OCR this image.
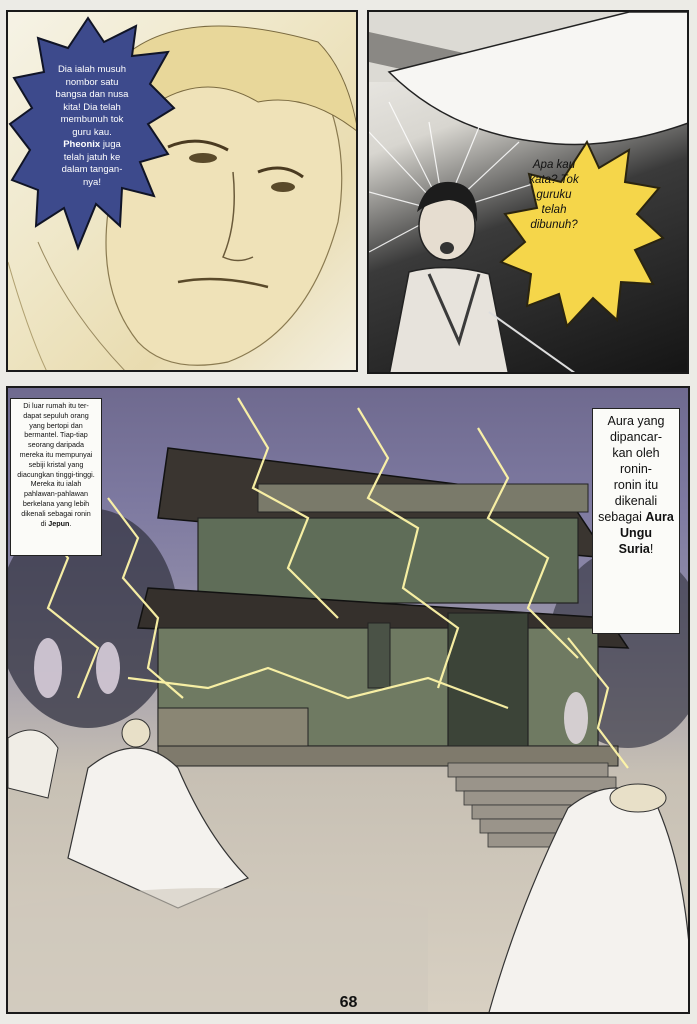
Dia ialah musuh
nombor satu
bangsa dan nusa
kita! Dia telah
membunuh tok
guru kau.
Pheonix juga
telah jatuh ke
dalam tangan-
nya!
Apa kau
kata? Tok
guruku
telah
dibunuh?
Di luar rumah itu ter-
dapat sepuluh orang
yang bertopi dan
bermantel. Tiap-tiap
seorang daripada
mereka itu mempunyai
sebiji kristal yang
diacungkan tinggi-tinggi.
Mereka itu ialah
pahlawan-pahlawan
berkelana yang lebih
dikenali sebagai ronin
di Jepun.
Aura yang
dipancar-
kan oleh
ronin-
ronin itu
dikenali
sebagai Aura
Ungu
Suria!
68
